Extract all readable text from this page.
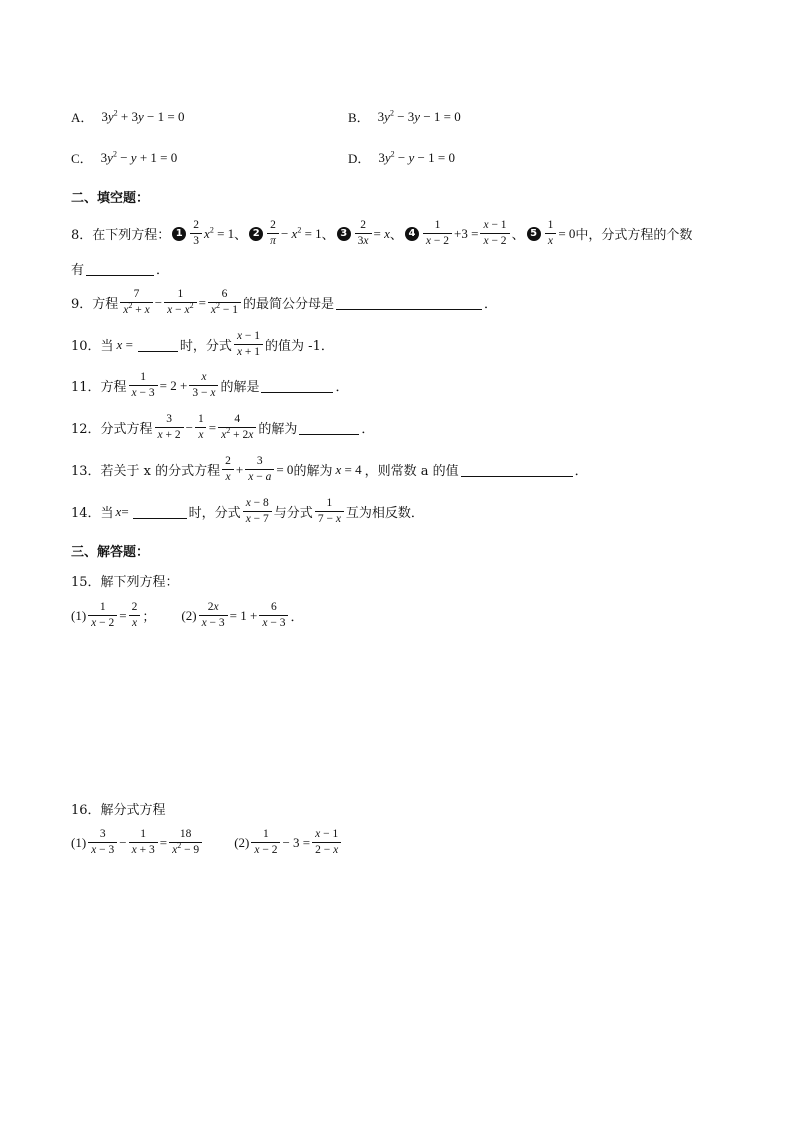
A． $3y^2 + 3y - 1 = 0$	B． $3y^2 - 3y - 1 = 0$
C． $3y^2 - y + 1 = 0$	D． $3y^2 - y - 1 = 0$
二、填空题：
8．在下列方程： $1 \frac{2}{3} x^2 = 1$ 、 $2 \frac{2}{\pi} - x^2 = 1$ 、 $3 \frac{2}{3x} = x$ 、 $4 \frac{1}{x - 2} +3 = \frac{x - 1}{x - 2}$ 、 $5 \frac{1}{x} = 0$ 中，分式方程的个数
有	．
9．方程 $\frac{7}{x^2 + x} - \frac{1}{x - x^2} = \frac{6}{x^2 - 1}$ 的最简公分母是	．
10．当 x =	时，分式 $\frac{x - 1}{x + 1}$ 的值为 -1．
11．方程 $\frac{1}{x - 3} = 2 + \frac{x}{3 - x}$ 的解是	．
12．分式方程 $\frac{3}{x + 2} - \frac{1}{x} = \frac{4}{x^2 + 2x}$ 的解为	．
13．若关于 x 的分式方程 $\frac{2}{x} + \frac{3}{x - a} = 0$ 的解为 x = 4 ，则常数 a 的值	．
14．当 x=	时，分式 $\frac{x - 8}{x - 7}$ 与分式 $\frac{1}{7 - x}$ 互为相反数．
三、解答题：
15．解下列方程：
$(1) \frac{1}{x - 2} = \frac{2}{x}$ ； $(2) \frac{2x}{x - 3} = 1 + \frac{6}{x - 3}$ ．
16．解分式方程
$(1) \frac{3}{x - 3} - \frac{1}{x + 3} = \frac{18}{x^2 - 9} (2) \frac{1}{x - 2} - 3 = \frac{x - 1}{2 - x}$
